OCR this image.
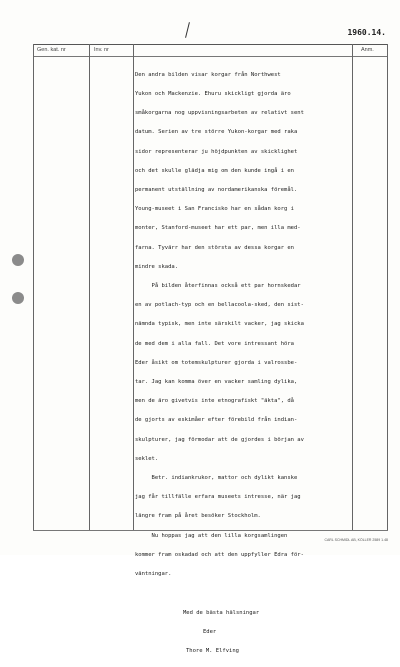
1960.14.
Gen. kat. nr	Inv. nr	Anm.

Den andra bilden visar korgar från Northwest

Yukon och Mackenzie. Ehuru skickligt gjorda äro

småkorgarna nog uppvisningsarbeten av relativt sent

datum. Serien av tre större Yukon-korgar med raka

sidor representerar ju höjdpunkten av skicklighet

och det skulle glädja mig om den kunde ingå i en

permanent utställning av nordamerikanska föremål.

Young-museet i San Francisko har en sådan korg i

monter, Stanford-museet har ett par, men illa med-

farna. Tyvärr har den största av dessa korgar en

mindre skada.

På bilden återfinnas också ett par hornskedar

en av potlach-typ och en bellacoola-sked, den sist-

nämnda typisk, men inte särskilt vacker, jag skicka

de med dem i alla fall. Det vore intressant höra

Eder åsikt om totemskulpturer gjorda i valrossbe-

tar. Jag kan komma över en vacker samling dylika,

men de äro givetvis inte etnografiskt "äkta", då

de gjorts av eskimåer efter förebild från indian-

skulpturer, jag förmodar att de gjordes i början av

seklet.

Betr. indiankrukor, mattor och dylikt kanske

jag får tillfälle erfara museets intresse, när jag

längre fram på året besöker Stockholm.

Nu hoppas jag att den lilla korgsamlingen

kommer fram oskadad och att den uppfyller Edra för-

väntningar.

Med de bästa hälsningar

Eder

Thore M. Elfving

CARL SCHMIDL AB, KÖLLER 2589 1.48
